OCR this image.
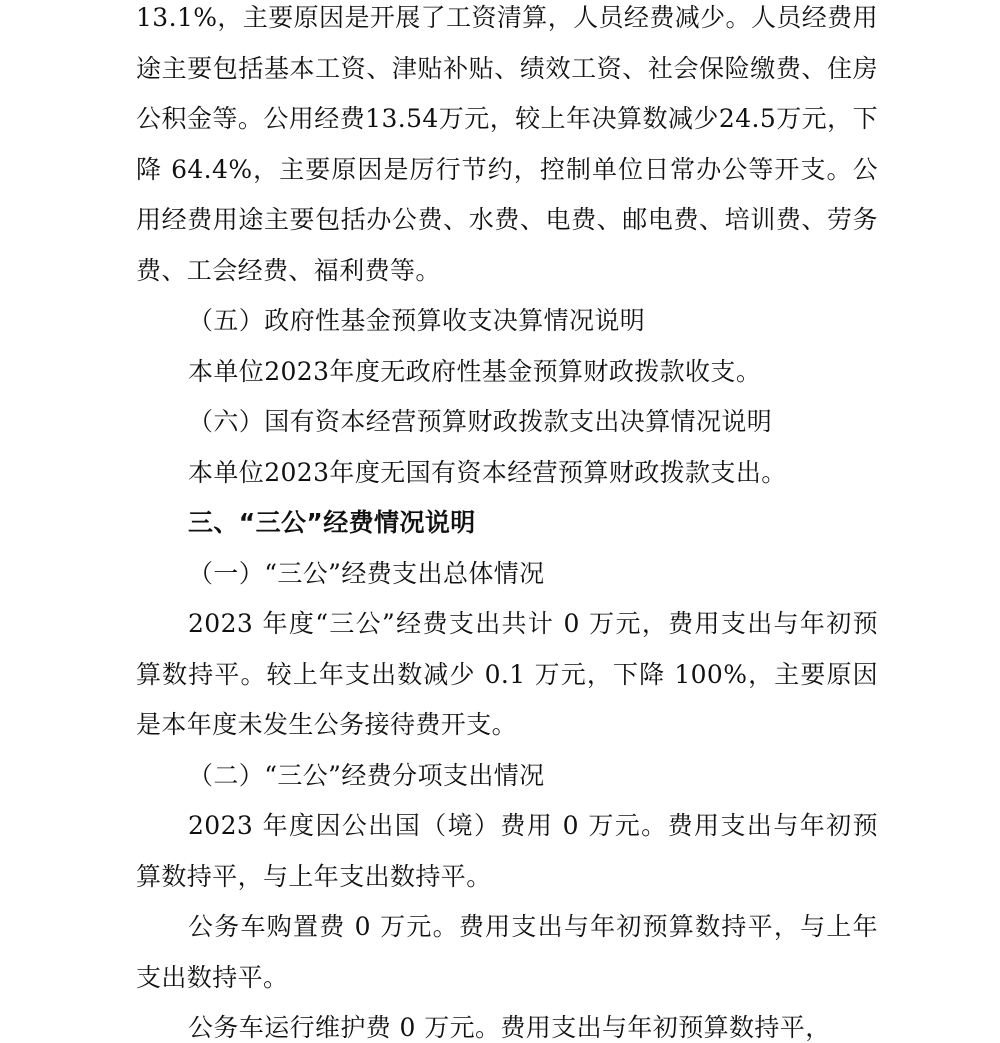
13.1%，主要原因是开展了工资清算，人员经费减少。人员经费用途主要包括基本工资、津贴补贴、绩效工资、社会保险缴费、住房公积金等。公用经费13.54万元，较上年决算数减少24.5万元，下降 64.4%，主要原因是厉行节约，控制单位日常办公等开支。公用经费用途主要包括办公费、水费、电费、邮电费、培训费、劳务费、工会经费、福利费等。

（五）政府性基金预算收支决算情况说明

本单位2023年度无政府性基金预算财政拨款收支。

（六）国有资本经营预算财政拨款支出决算情况说明

本单位2023年度无国有资本经营预算财政拨款支出。

三、“三公”经费情况说明

（一）“三公”经费支出总体情况

2023 年度“三公”经费支出共计 0 万元，费用支出与年初预算数持平。较上年支出数减少 0.1 万元，下降 100%，主要原因是本年度未发生公务接待费开支。

（二）“三公”经费分项支出情况

2023 年度因公出国（境）费用 0 万元。费用支出与年初预算数持平，与上年支出数持平。

公务车购置费 0 万元。费用支出与年初预算数持平，与上年支出数持平。

公务车运行维护费 0 万元。费用支出与年初预算数持平，
